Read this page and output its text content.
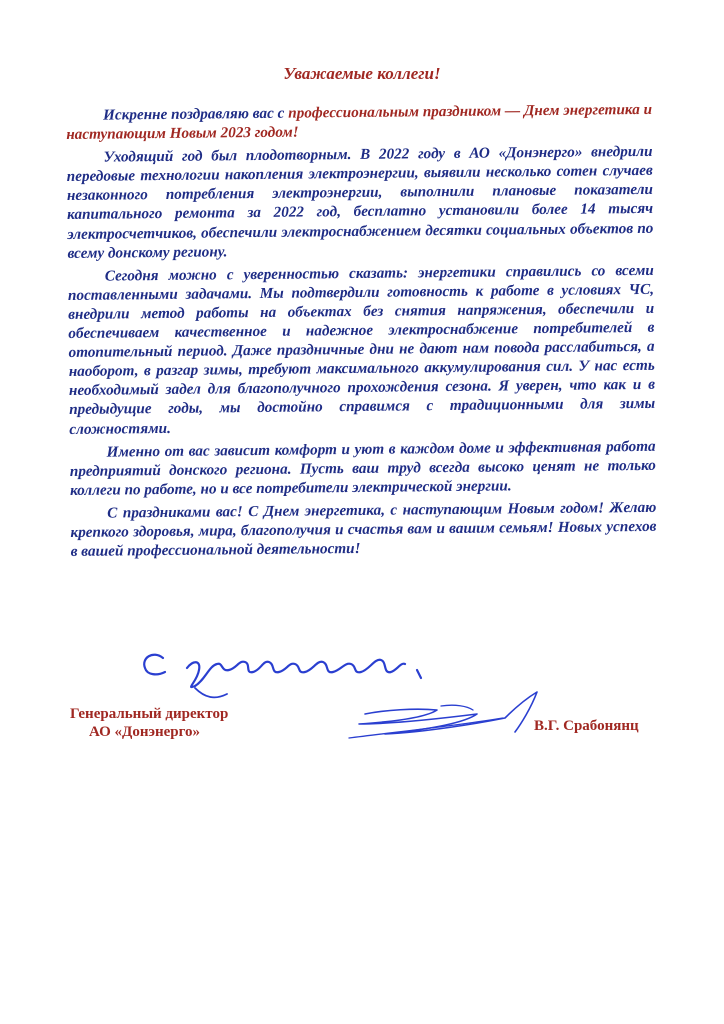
Уважаемые коллеги!

Искренне поздравляю вас с профессиональным праздником — Днем энергетика и наступающим Новым 2023 годом!

Уходящий год был плодотворным. В 2022 году в АО «Донэнерго» внедрили передовые технологии накопления электроэнергии, выявили несколько сотен случаев незаконного потребления электроэнергии, выполнили плановые показатели капитального ремонта за 2022 год, бесплатно установили более 14 тысяч электросчетчиков, обеспечили электроснабжением десятки социальных объектов по всему донскому региону.

Сегодня можно с уверенностью сказать: энергетики справились со всеми поставленными задачами. Мы подтвердили готовность к работе в условиях ЧС, внедрили метод работы на объектах без снятия напряжения, обеспечили и обеспечиваем качественное и надежное электроснабжение потребителей в отопительный период. Даже праздничные дни не дают нам повода расслабиться, а наоборот, в разгар зимы, требуют максимального аккумулирования сил. У нас есть необходимый задел для благополучного прохождения сезона. Я уверен, что как и в предыдущие годы, мы достойно справимся с традиционными для зимы сложностями.

Именно от вас зависит комфорт и уют в каждом доме и эффективная работа предприятий донского региона. Пусть ваш труд всегда высоко ценят не только коллеги по работе, но и все потребители электрической энергии.

С праздниками вас! С Днем энергетика, с наступающим Новым годом! Желаю крепкого здоровья, мира, благополучия и счастья вам и вашим семьям! Новых успехов в вашей профессиональной деятельности!

Генеральный директор
АО «Донэнерго»	В.Г. Срабонянц
